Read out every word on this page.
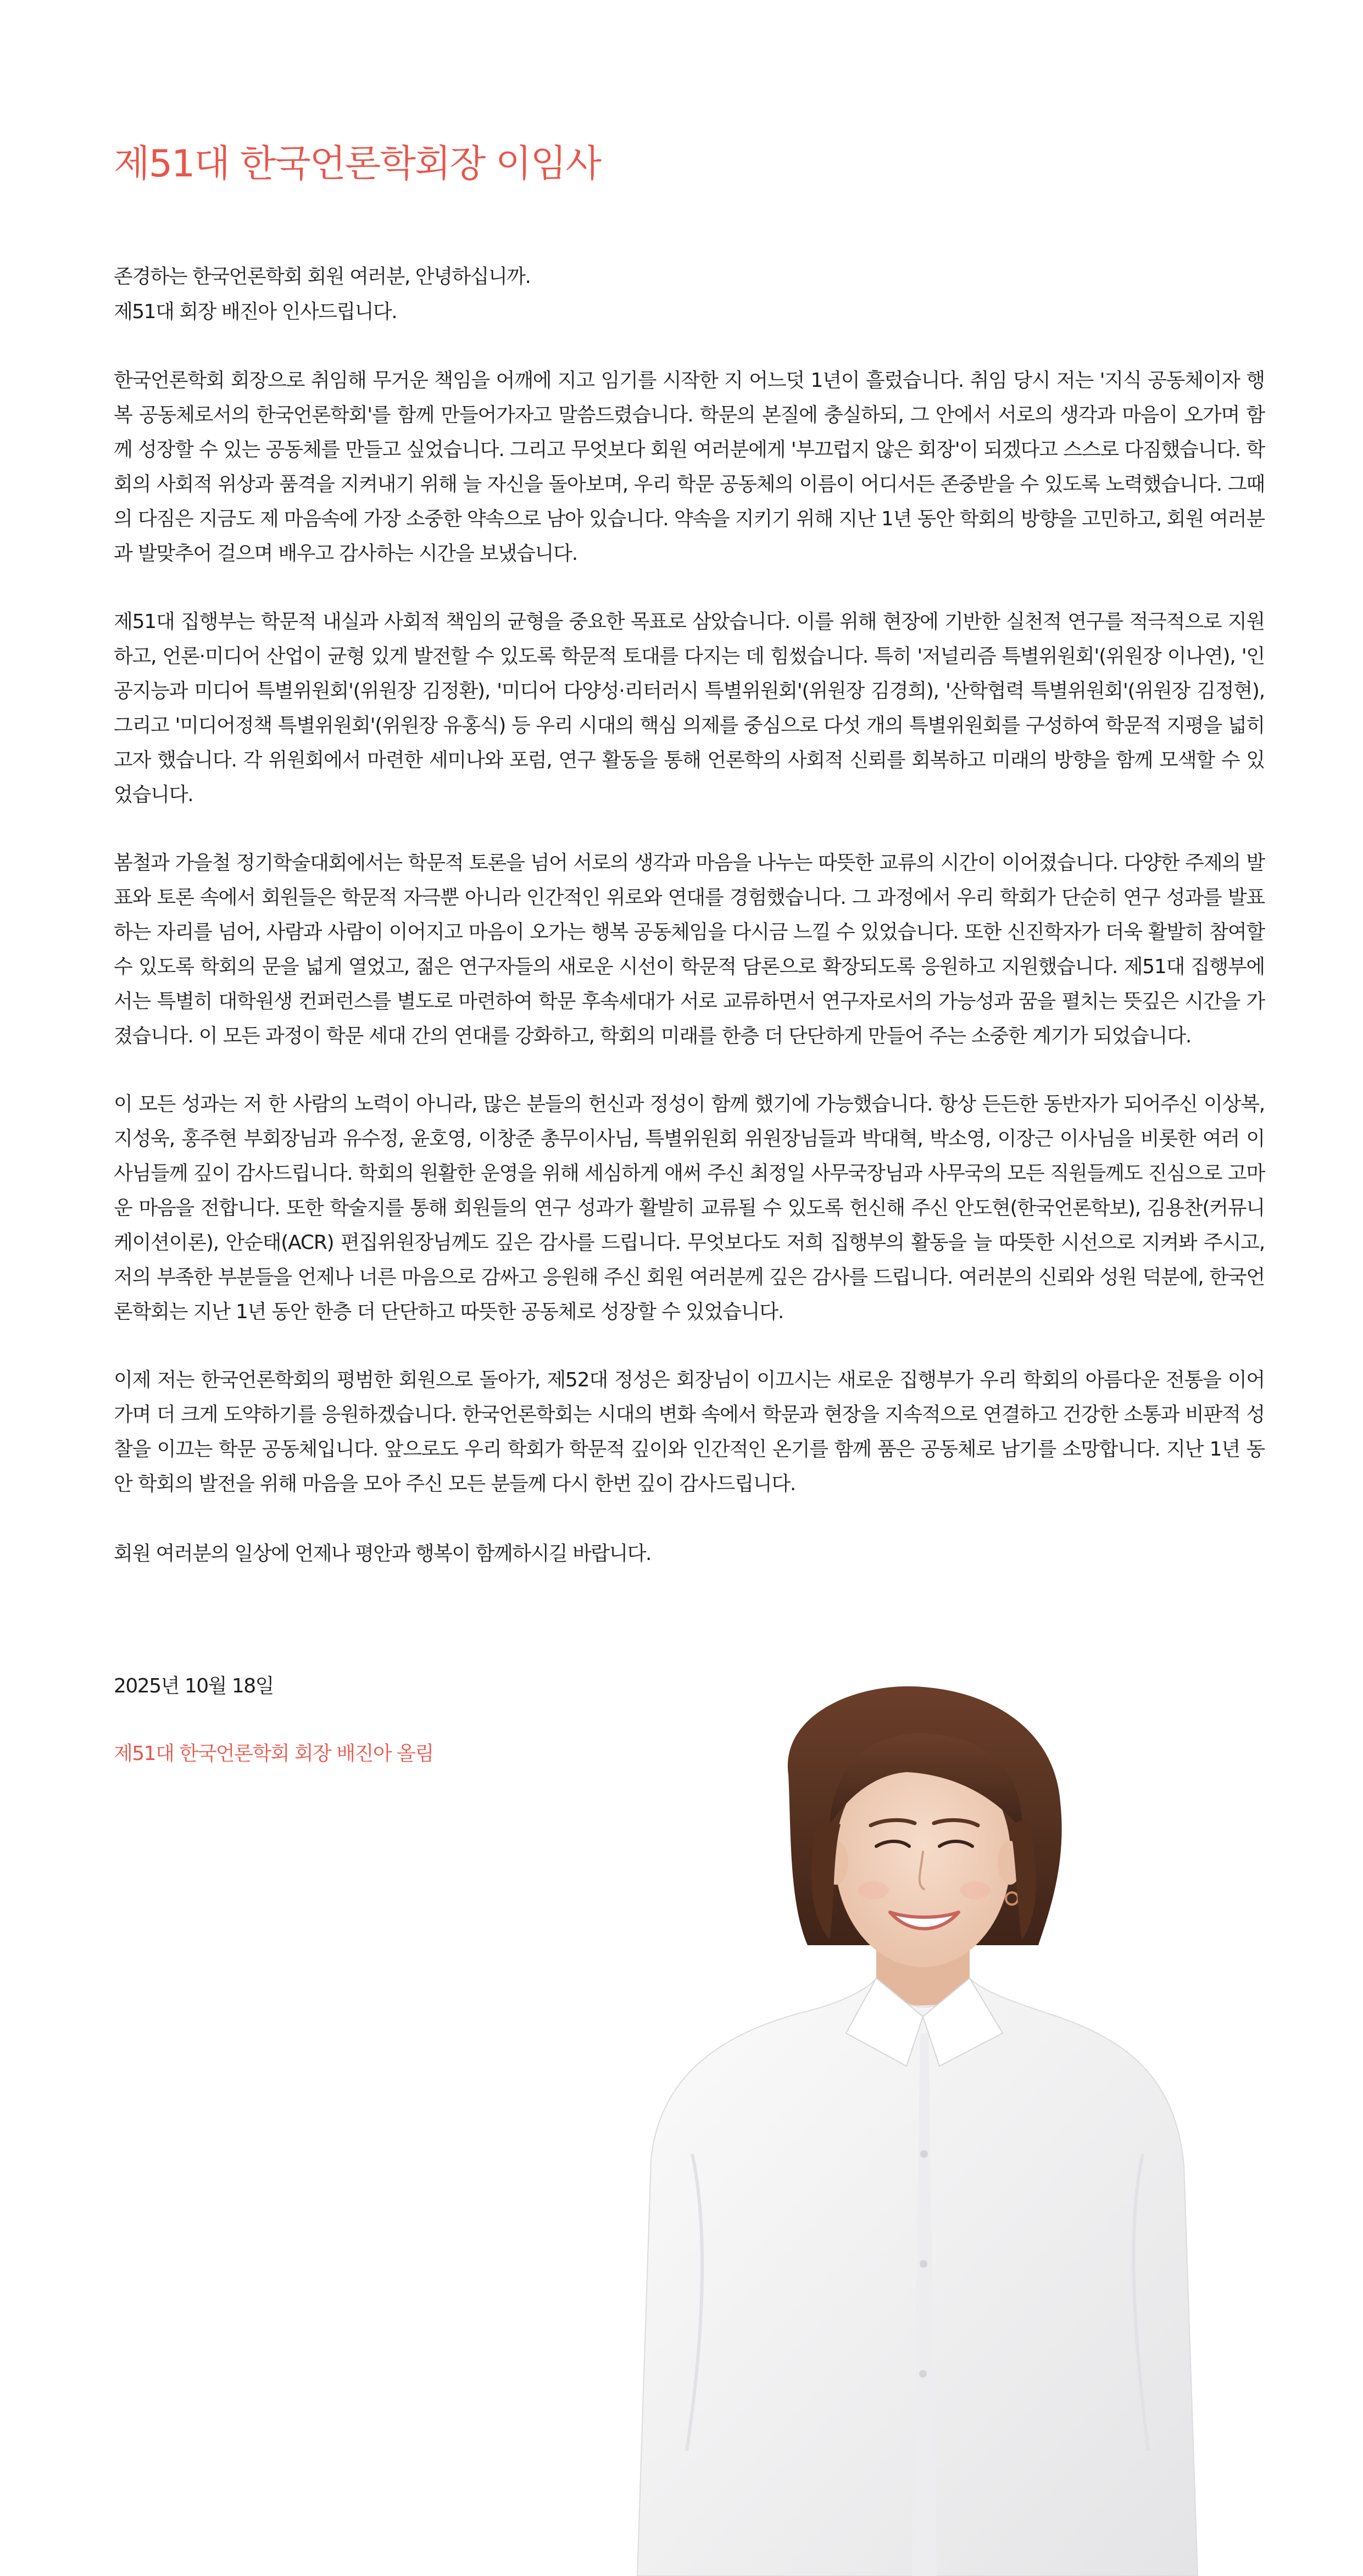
제51대 한국언론학회장 이임사

존경하는 한국언론학회 회원 여러분, 안녕하십니까.

제51대 회장 배진아 인사드립니다.

한국언론학회 회장으로 취임해 무거운 책임을 어깨에 지고 임기를 시작한 지 어느덧 1년이 흘렀습니다. 취임 당시 저는 '지식 공동체이자 행복 공동체로서의 한국언론학회'를 함께 만들어가자고 말씀드렸습니다. 학문의 본질에 충실하되, 그 안에서 서로의 생각과 마음이 오가며 함께 성장할 수 있는 공동체를 만들고 싶었습니다. 그리고 무엇보다 회원 여러분에게 '부끄럽지 않은 회장'이 되겠다고 스스로 다짐했습니다. 학회의 사회적 위상과 품격을 지켜내기 위해 늘 자신을 돌아보며, 우리 학문 공동체의 이름이 어디서든 존중받을 수 있도록 노력했습니다. 그때의 다짐은 지금도 제 마음속에 가장 소중한 약속으로 남아 있습니다. 약속을 지키기 위해 지난 1년 동안 학회의 방향을 고민하고, 회원 여러분과 발맞추어 걸으며 배우고 감사하는 시간을 보냈습니다.

제51대 집행부는 학문적 내실과 사회적 책임의 균형을 중요한 목표로 삼았습니다. 이를 위해 현장에 기반한 실천적 연구를 적극적으로 지원하고, 언론·미디어 산업이 균형 있게 발전할 수 있도록 학문적 토대를 다지는 데 힘썼습니다. 특히 '저널리즘 특별위원회'(위원장 이나연), '인공지능과 미디어 특별위원회'(위원장 김정환), '미디어 다양성·리터러시 특별위원회'(위원장 김경희), '산학협력 특별위원회'(위원장 김정현), 그리고 '미디어정책 특별위원회'(위원장 유홍식) 등 우리 시대의 핵심 의제를 중심으로 다섯 개의 특별위원회를 구성하여 학문적 지평을 넓히고자 했습니다. 각 위원회에서 마련한 세미나와 포럼, 연구 활동을 통해 언론학의 사회적 신뢰를 회복하고 미래의 방향을 함께 모색할 수 있었습니다.

봄철과 가을철 정기학술대회에서는 학문적 토론을 넘어 서로의 생각과 마음을 나누는 따뜻한 교류의 시간이 이어졌습니다. 다양한 주제의 발표와 토론 속에서 회원들은 학문적 자극뿐 아니라 인간적인 위로와 연대를 경험했습니다. 그 과정에서 우리 학회가 단순히 연구 성과를 발표하는 자리를 넘어, 사람과 사람이 이어지고 마음이 오가는 행복 공동체임을 다시금 느낄 수 있었습니다. 또한 신진학자가 더욱 활발히 참여할 수 있도록 학회의 문을 넓게 열었고, 젊은 연구자들의 새로운 시선이 학문적 담론으로 확장되도록 응원하고 지원했습니다. 제51대 집행부에서는 특별히 대학원생 컨퍼런스를 별도로 마련하여 학문 후속세대가 서로 교류하면서 연구자로서의 가능성과 꿈을 펼치는 뜻깊은 시간을 가졌습니다. 이 모든 과정이 학문 세대 간의 연대를 강화하고, 학회의 미래를 한층 더 단단하게 만들어 주는 소중한 계기가 되었습니다.

이 모든 성과는 저 한 사람의 노력이 아니라, 많은 분들의 헌신과 정성이 함께 했기에 가능했습니다. 항상 든든한 동반자가 되어주신 이상복, 지성욱, 홍주현 부회장님과 유수정, 윤호영, 이창준 총무이사님, 특별위원회 위원장님들과 박대혁, 박소영, 이장근 이사님을 비롯한 여러 이사님들께 깊이 감사드립니다. 학회의 원활한 운영을 위해 세심하게 애써 주신 최정일 사무국장님과 사무국의 모든 직원들께도 진심으로 고마운 마음을 전합니다. 또한 학술지를 통해 회원들의 연구 성과가 활발히 교류될 수 있도록 헌신해 주신 안도현(한국언론학보), 김용찬(커뮤니케이션이론), 안순태(ACR) 편집위원장님께도 깊은 감사를 드립니다. 무엇보다도 저희 집행부의 활동을 늘 따뜻한 시선으로 지켜봐 주시고, 저의 부족한 부분들을 언제나 너른 마음으로 감싸고 응원해 주신 회원 여러분께 깊은 감사를 드립니다. 여러분의 신뢰와 성원 덕분에, 한국언론학회는 지난 1년 동안 한층 더 단단하고 따뜻한 공동체로 성장할 수 있었습니다.

이제 저는 한국언론학회의 평범한 회원으로 돌아가, 제52대 정성은 회장님이 이끄시는 새로운 집행부가 우리 학회의 아름다운 전통을 이어가며 더 크게 도약하기를 응원하겠습니다. 한국언론학회는 시대의 변화 속에서 학문과 현장을 지속적으로 연결하고 건강한 소통과 비판적 성찰을 이끄는 학문 공동체입니다. 앞으로도 우리 학회가 학문적 깊이와 인간적인 온기를 함께 품은 공동체로 남기를 소망합니다. 지난 1년 동안 학회의 발전을 위해 마음을 모아 주신 모든 분들께 다시 한번 깊이 감사드립니다.

회원 여러분의 일상에 언제나 평안과 행복이 함께하시길 바랍니다.

2025년 10월 18일

제51대 한국언론학회 회장 배진아 올림
